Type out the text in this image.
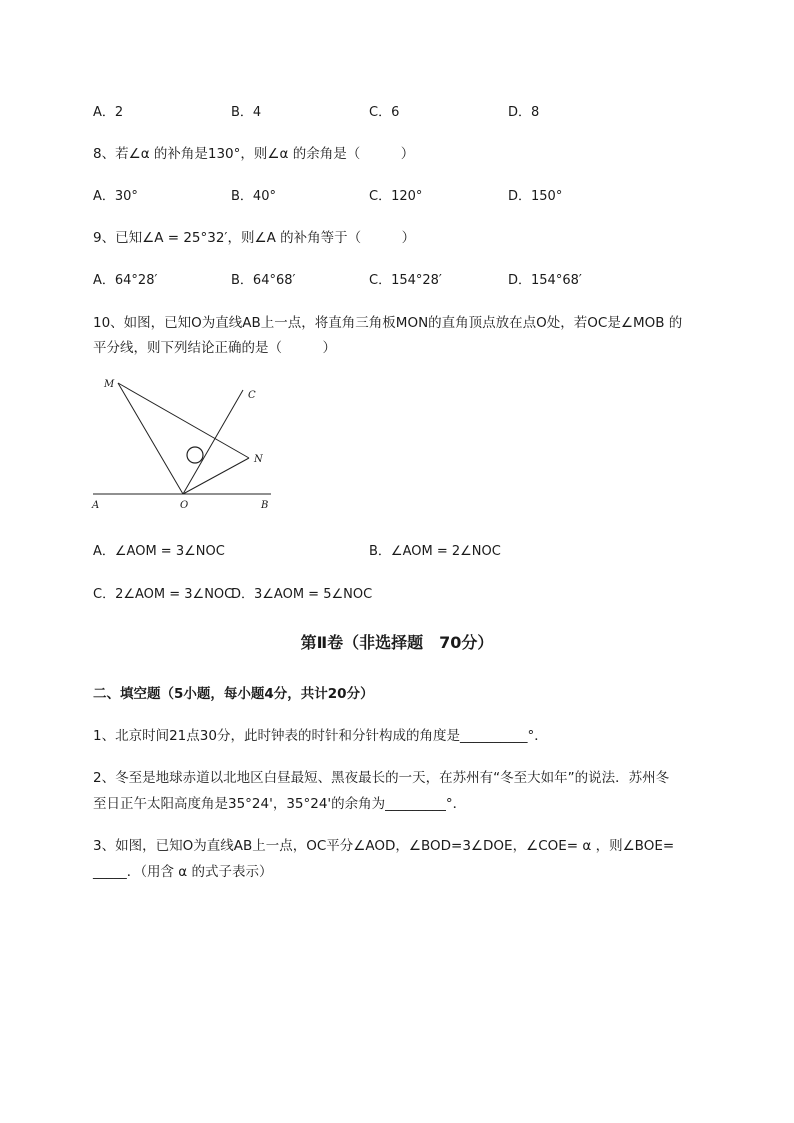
A．2	B．4	C．6	D．8
8、若∠α 的补角是130°，则∠α 的余角是（　　　）
A．30°	B．40°	C．120°	D．150°
9、已知∠A = 25°32′，则∠A 的补角等于（　　　）
A．64°28′	B．64°68′	C．154°28′	D．154°68′
10、如图，已知O为直线AB上一点，将直角三角板MON的直角顶点放在点O处，若OC是∠MOB 的
平分线，则下列结论正确的是（　　　）
M
C
N
A	O	B
A．∠AOM = 3∠NOC	B．∠AOM = 2∠NOC
C．2∠AOM = 3∠NOC
D．3∠AOM = 5∠NOC
第Ⅱ卷（非选择题　70分）
二、填空题（5小题，每小题4分，共计20分）
1、北京时间21点30分，此时钟表的时针和分针构成的角度是__________°．
2、冬至是地球赤道以北地区白昼最短、黑夜最长的一天，在苏州有“冬至大如年”的说法．苏州冬
至日正午太阳高度角是35°24'，35°24'的余角为_________°．
3、如图，已知O为直线AB上一点，OC平分∠AOD，∠BOD=3∠DOE，∠COE= α ，则∠BOE=
_____．（用含 α 的式子表示）
